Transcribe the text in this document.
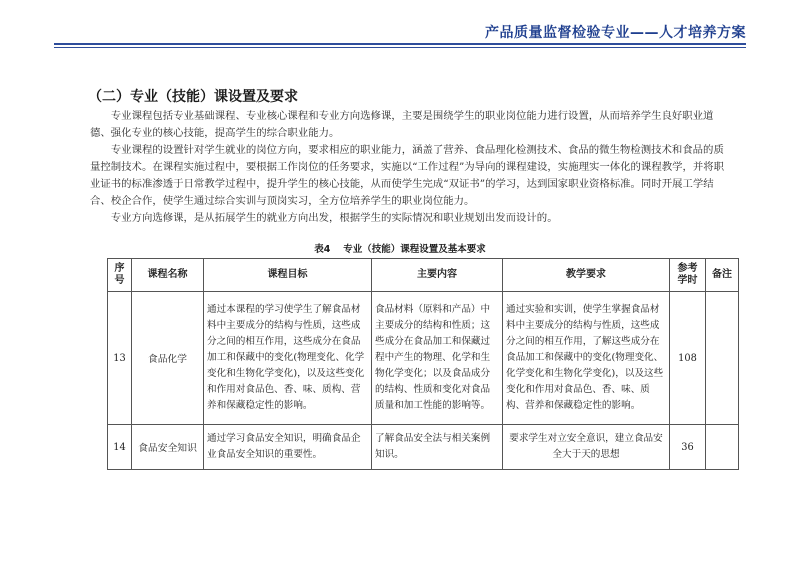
产品质量监督检验专业——人才培养方案
（二）专业（技能）课设置及要求

专业课程包括专业基础课程、专业核心课程和专业方向选修课，主要是围绕学生的职业岗位能力进行设置，从而培养学生良好职业道德、强化专业的核心技能，提高学生的综合职业能力。

专业课程的设置针对学生就业的岗位方向，要求相应的职业能力，涵盖了营养、食品理化检测技术、食品的微生物检测技术和食品的质量控制技术。在课程实施过程中，要根据工作岗位的任务要求，实施以“工作过程”为导向的课程建设，实施理实一体化的课程教学，并将职业证书的标准渗透于日常教学过程中，提升学生的核心技能，从而使学生完成“双证书”的学习，达到国家职业资格标准。同时开展工学结合、校企合作，使学生通过综合实训与顶岗实习，全方位培养学生的职业岗位能力。

专业方向选修课，是从拓展学生的就业方向出发，根据学生的实际情况和职业规划出发而设计的。

表4　 专业（技能）课程设置及基本要求
序号	课程名称	课程目标	主要内容	教学要求	参考学时	备注
13	食品化学	通过本课程的学习使学生了解食品材料中主要成分的结构与性质，这些成分之间的相互作用，这些成分在食品加工和保藏中的变化(物理变化、化学变化和生物化学变化)，以及这些变化和作用对食品色、香、味、质构、营养和保藏稳定性的影响。	食品材料（原料和产品）中主要成分的结构和性质；这些成分在食品加工和保藏过程中产生的物理、化学和生物化学变化；以及食品成分的结构、性质和变化对食品质量和加工性能的影响等。	通过实验和实训，使学生掌握食品材料中主要成分的结构与性质，这些成分之间的相互作用，了解这些成分在食品加工和保藏中的变化(物理变化、化学变化和生物化学变化)，以及这些变化和作用对食品色、香、味、质构、营养和保藏稳定性的影响。	108	
14	食品安全知识	通过学习食品安全知识，明确食品企业食品安全知识的重要性。	了解食品安全法与相关案例知识。	要求学生对立安全意识，建立食品安全大于天的思想	36	
